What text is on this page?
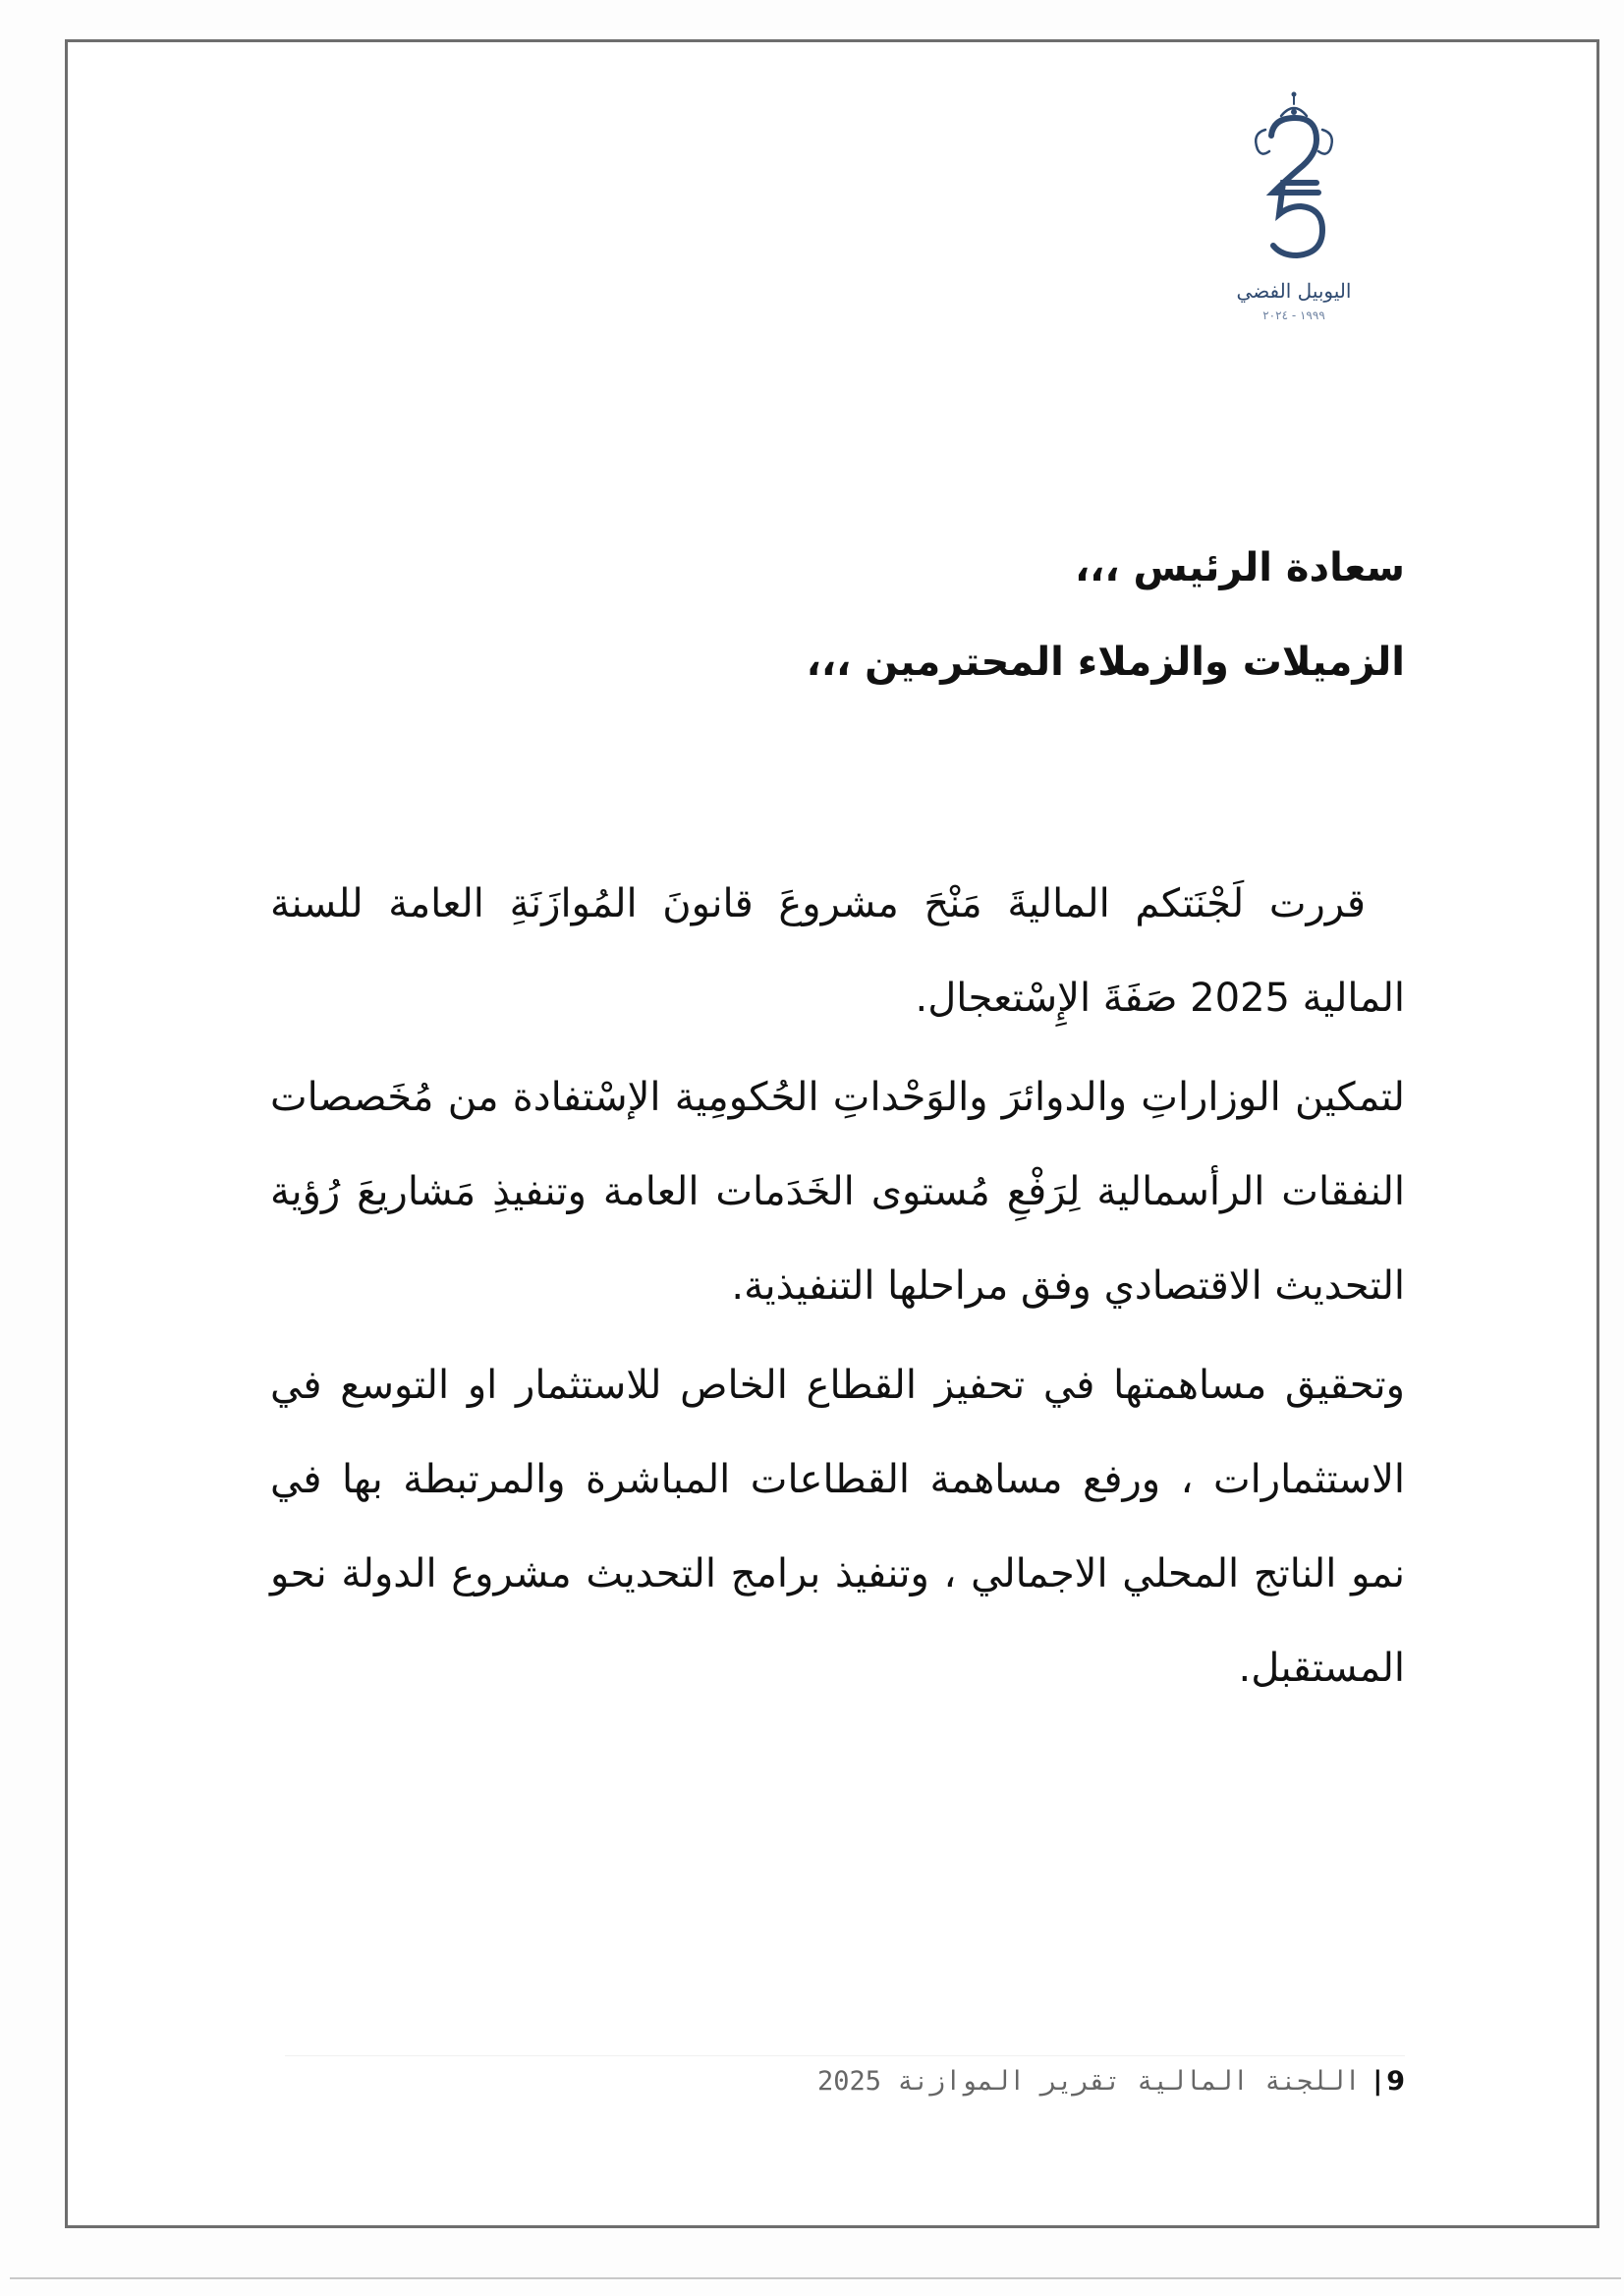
اليوبيل الفضي
١٩٩٩ - ٢٠٢٤

سعادة الرئيس ،،،

الزميلات والزملاء المحترمين ،،،

قررت لَجْنَتكم الماليةَ مَنْحَ مشروعَ قانونَ المُوازَنَةِ العامة للسنة المالية 2025 صَفَةَ الإِسْتعجال.

لتمكين الوزاراتِ والدوائرَ والوَحْداتِ الحُكومِية الإسْتفادة من مُخَصصات النفقات الرأسمالية لِرَفْعِ مُستوى الخَدَمات العامة وتنفيذِ مَشاريعَ رُؤية التحديث الاقتصادي وفق مراحلها التنفيذية.

وتحقيق مساهمتها في تحفيز القطاع الخاص للاستثمار او التوسع في الاستثمارات ، ورفع مساهمة القطاعات المباشرة والمرتبطة بها في نمو الناتج المحلي الاجمالي ، وتنفيذ برامج التحديث مشروع الدولة نحو المستقبل.

9| اللجنة المالية تقرير الموازنة 2025
